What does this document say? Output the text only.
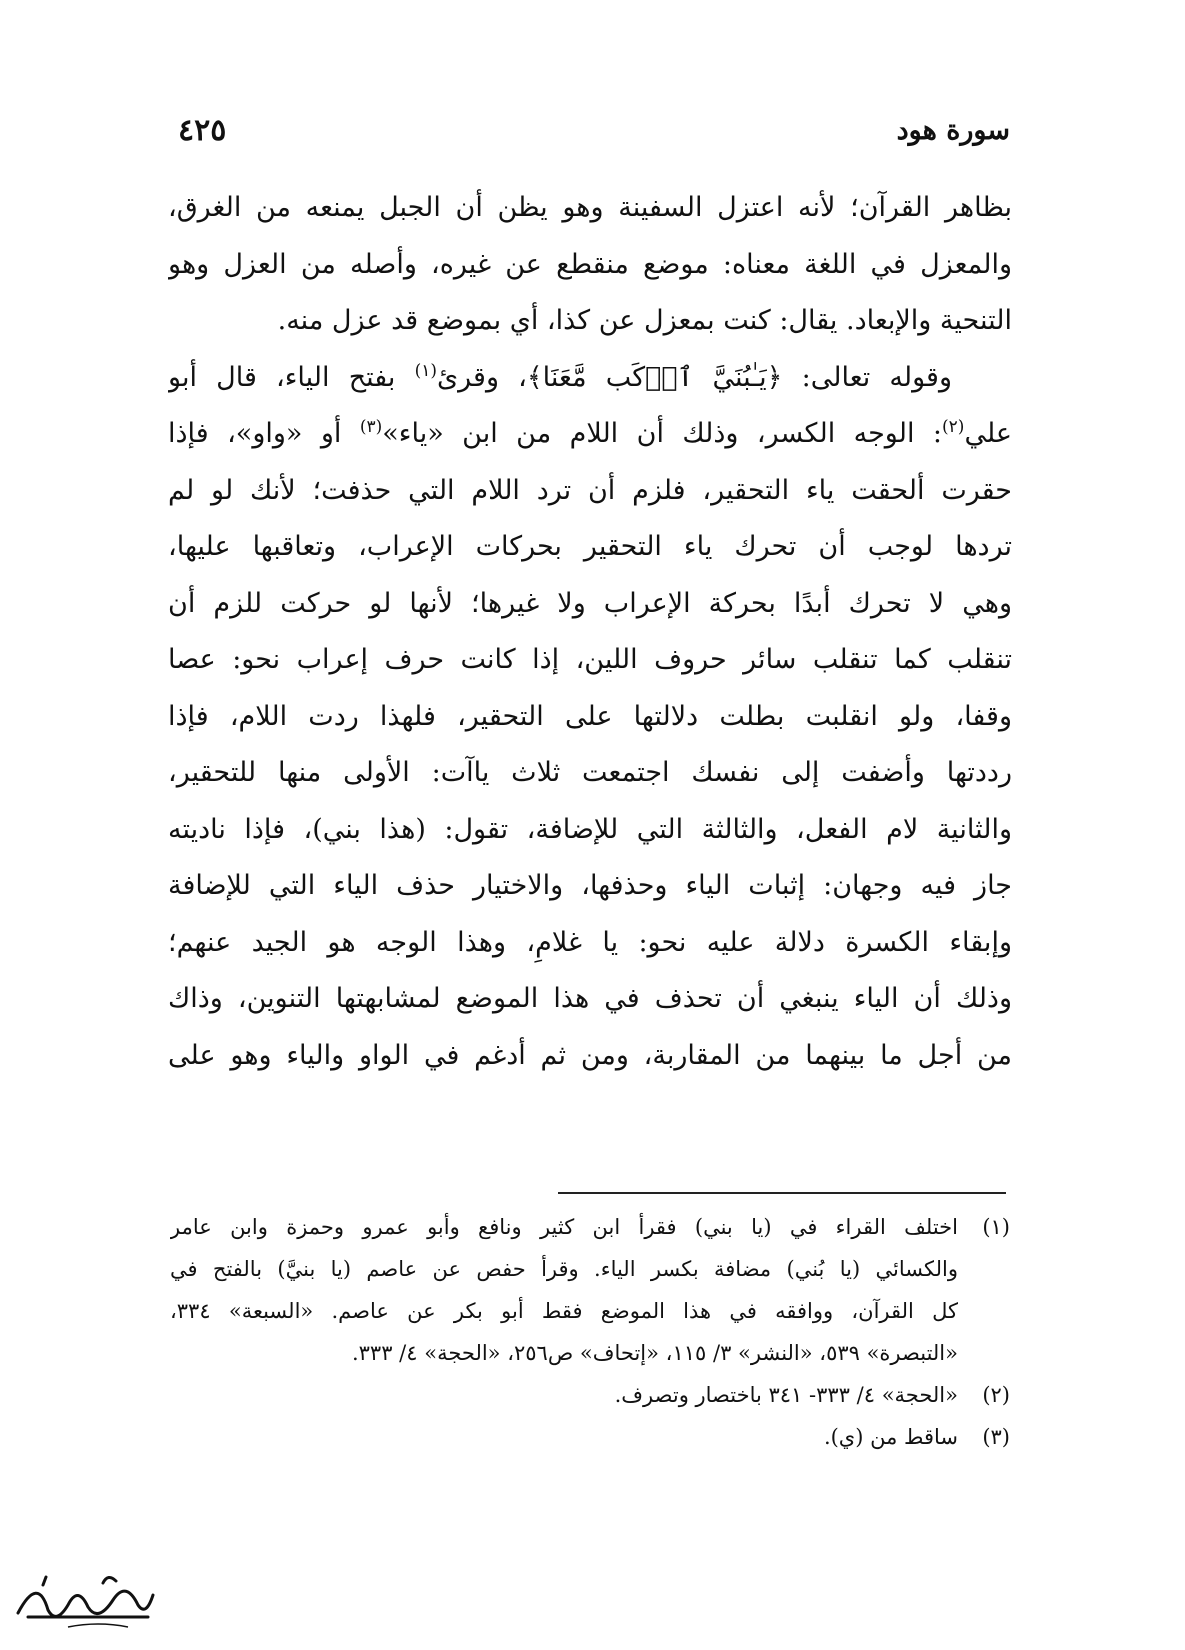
سورة هود
٤٢٥
بظاهر القرآن؛ لأنه اعتزل السفينة وهو يظن أن الجبل يمنعه من الغرق،
والمعزل في اللغة معناه: موضع منقطع عن غيره، وأصله من العزل وهو
التنحية والإبعاد. يقال: كنت بمعزل عن كذا، أي بموضع قد عزل منه.
وقوله تعالى: ﴿يَـٰبُنَيَّ ٱرۡكَب مَّعَنَا﴾، وقرئ$^{(١)}$ بفتح الياء، قال أبو
علي$^{(٢)}$: الوجه الكسر، وذلك أن اللام من ابن «ياء»$^{(٣)}$ أو «واو»، فإذا
حقرت ألحقت ياء التحقير، فلزم أن ترد اللام التي حذفت؛ لأنك لو لم
تردها لوجب أن تحرك ياء التحقير بحركات الإعراب، وتعاقبها عليها،
وهي لا تحرك أبدًا بحركة الإعراب ولا غيرها؛ لأنها لو حركت للزم أن
تنقلب كما تنقلب سائر حروف اللين، إذا كانت حرف إعراب نحو: عصا
وقفا، ولو انقلبت بطلت دلالتها على التحقير، فلهذا ردت اللام، فإذا
رددتها وأضفت إلى نفسك اجتمعت ثلاث ياآت: الأولى منها للتحقير،
والثانية لام الفعل، والثالثة التي للإضافة، تقول: (هذا بني)، فإذا ناديته
جاز فيه وجهان: إثبات الياء وحذفها، والاختيار حذف الياء التي للإضافة
وإبقاء الكسرة دلالة عليه نحو: يا غلامِ، وهذا الوجه هو الجيد عنهم؛
وذلك أن الياء ينبغي أن تحذف في هذا الموضع لمشابهتها التنوين، وذاك
من أجل ما بينهما من المقاربة، ومن ثم أدغم في الواو والياء وهو على
(١)
اختلف القراء في (يا بني) فقرأ ابن كثير ونافع وأبو عمرو وحمزة وابن عامر
والكسائي (يا بُني) مضافة بكسر الياء. وقرأ حفص عن عاصم (يا بنيَّ) بالفتح في
كل القرآن، ووافقه في هذا الموضع فقط أبو بكر عن عاصم. «السبعة» ٣٣٤،
«التبصرة» ٥٣٩، «النشر» ٣/ ١١٥، «إتحاف» ص٢٥٦، «الحجة» ٤/ ٣٣٣.
(٢)
«الحجة» ٤/ ٣٣٣- ٣٤١ باختصار وتصرف.
(٣)
ساقط من (ي).
